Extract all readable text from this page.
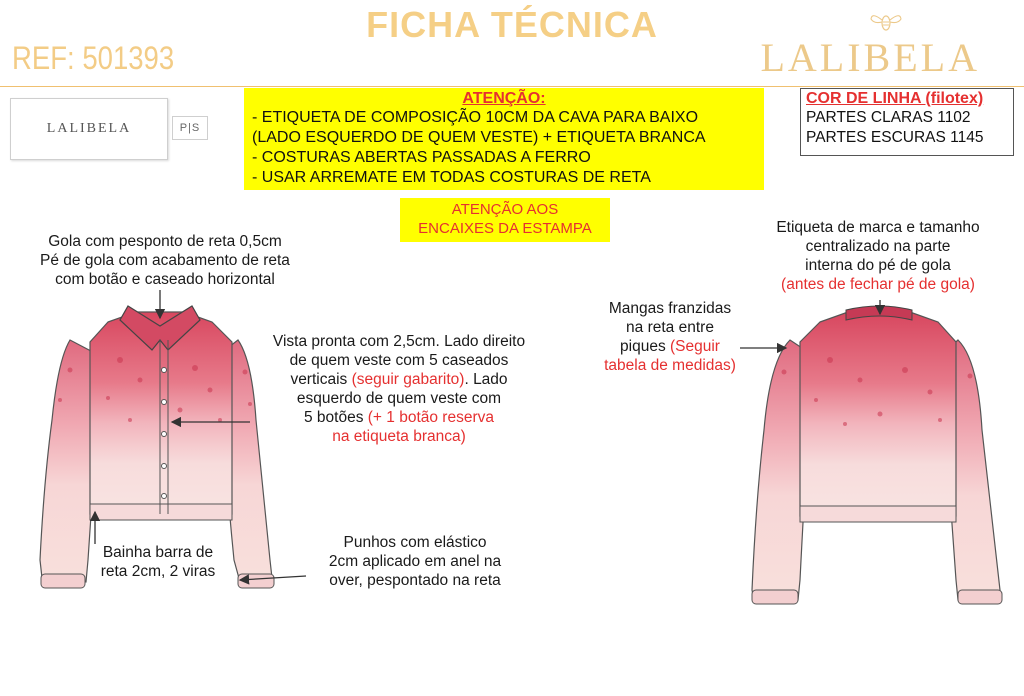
FICHA TÉCNICA
REF: 501393	LALIBELA
LALIBELA	P|S
ATENÇÃO:
- ETIQUETA DE COMPOSIÇÃO 10CM DA CAVA PARA BAIXO
(LADO ESQUERDO DE QUEM VESTE) + ETIQUETA BRANCA
- COSTURAS ABERTAS PASSADAS A FERRO
- USAR ARREMATE EM TODAS COSTURAS DE RETA
ATENÇÃO AOS
ENCAIXES DA ESTAMPA
COR DE LINHA (filotex)
PARTES CLARAS 1102
PARTES ESCURAS 1145
Gola com pesponto de reta 0,5cm
Pé de gola com acabamento de reta
com botão e caseado horizontal
Vista pronta com 2,5cm. Lado direito
de quem veste com 5 caseados
verticais (seguir gabarito). Lado
esquerdo de quem veste com
5 botões (+ 1 botão reserva
na etiqueta branca)
Bainha barra de
reta 2cm, 2 viras
Punhos com elástico
2cm aplicado em anel na
over, pespontado na reta
Mangas franzidas
na reta entre
piques (Seguir
tabela de medidas)
Etiqueta de marca e tamanho
centralizado na parte
interna do pé de gola
(antes de fechar pé de gola)
